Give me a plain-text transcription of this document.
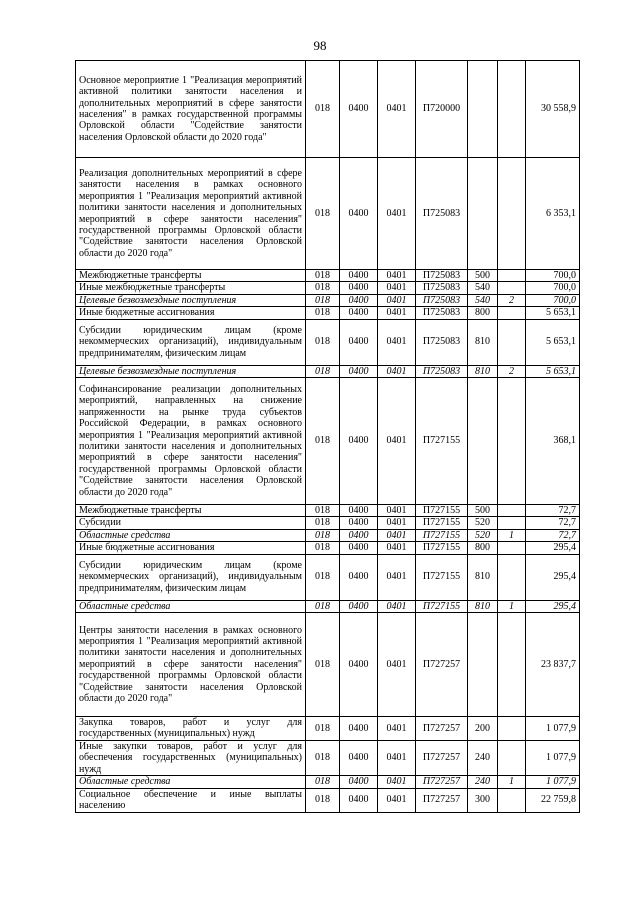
98
Основное мероприятие 1 "Реализация мероприятий активной политики занятости населения и дополнительных мероприятий в сфере занятости населения" в рамках государственной программы Орловской области "Содействие занятости населения Орловской области до 2020 года"	018	0400	0401	П720000			30 558,9
Реализация дополнительных мероприятий в сфере занятости населения в рамках основного мероприятия 1 "Реализация мероприятий активной политики занятости населения и дополнительных мероприятий в сфере занятости населения" государственной программы Орловской области "Содействие занятости населения Орловской области до 2020 года"	018	0400	0401	П725083			6 353,1
Межбюджетные трансферты	018	0400	0401	П725083	500		700,0
Иные межбюджетные трансферты	018	0400	0401	П725083	540		700,0
Целевые безвозмездные поступления	018	0400	0401	П725083	540	2	700,0
Иные бюджетные ассигнования	018	0400	0401	П725083	800		5 653,1
Субсидии юридическим лицам (кроме некоммерческих организаций), индивидуальным предпринимателям, физическим лицам	018	0400	0401	П725083	810		5 653,1
Целевые безвозмездные поступления	018	0400	0401	П725083	810	2	5 653,1
Софинансирование реализации дополнительных мероприятий, направленных на снижение напряженности на рынке труда субъектов Российской Федерации, в рамках основного мероприятия 1 "Реализация мероприятий активной политики занятости населения и дополнительных мероприятий в сфере занятости населения" государственной программы Орловской области "Содействие занятости населения Орловской области до 2020 года"	018	0400	0401	П727155			368,1
Межбюджетные трансферты	018	0400	0401	П727155	500		72,7
Субсидии	018	0400	0401	П727155	520		72,7
Областные средства	018	0400	0401	П727155	520	1	72,7
Иные бюджетные ассигнования	018	0400	0401	П727155	800		295,4
Субсидии юридическим лицам (кроме некоммерческих организаций), индивидуальным предпринимателям, физическим лицам	018	0400	0401	П727155	810		295,4
Областные средства	018	0400	0401	П727155	810	1	295,4
Центры занятости населения в рамках основного мероприятия 1 "Реализация мероприятий активной политики занятости населения и дополнительных мероприятий в сфере занятости населения" государственной программы Орловской области "Содействие занятости населения Орловской области до 2020 года"	018	0400	0401	П727257			23 837,7
Закупка товаров, работ и услуг для государственных (муниципальных) нужд	018	0400	0401	П727257	200		1 077,9
Иные закупки товаров, работ и услуг для обеспечения государственных (муниципальных) нужд	018	0400	0401	П727257	240		1 077,9
Областные средства	018	0400	0401	П727257	240	1	1 077,9
Социальное обеспечение и иные выплаты населению	018	0400	0401	П727257	300		22 759,8
